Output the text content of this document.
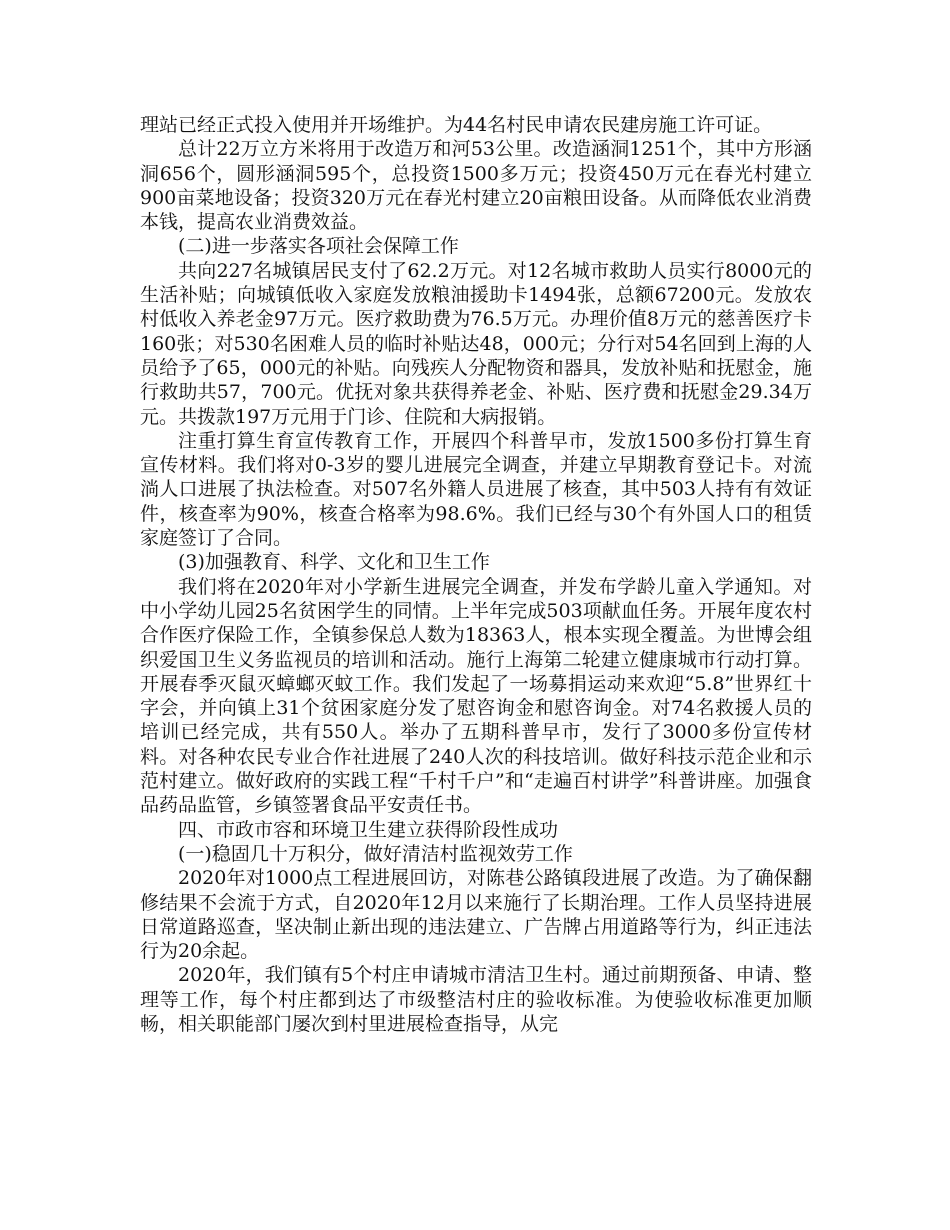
理站已经正式投入使用并开场维护。为44名村民申请农民建房施工许可证。

总计22万立方米将用于改造万和河53公里。改造涵洞1251个，其中方形涵洞656个，圆形涵洞595个，总投资1500多万元；投资450万元在春光村建立900亩菜地设备；投资320万元在春光村建立20亩粮田设备。从而降低农业消费本钱，提高农业消费效益。

(二)进一步落实各项社会保障工作

共向227名城镇居民支付了62.2万元。对12名城市救助人员实行8000元的生活补贴；向城镇低收入家庭发放粮油援助卡1494张，总额67200元。发放农村低收入养老金97万元。医疗救助费为76.5万元。办理价值8万元的慈善医疗卡160张；对530名困难人员的临时补贴达48，000元；分行对54名回到上海的人员给予了65，000元的补贴。向残疾人分配物资和器具，发放补贴和抚慰金，施行救助共57，700元。优抚对象共获得养老金、补贴、医疗费和抚慰金29.34万元。共拨款197万元用于门诊、住院和大病报销。

注重打算生育宣传教育工作，开展四个科普早市，发放1500多份打算生育宣传材料。我们将对0-3岁的婴儿进展完全调查，并建立早期教育登记卡。对流淌人口进展了执法检查。对507名外籍人员进展了核查，其中503人持有有效证件，核查率为90%，核查合格率为98.6%。我们已经与30个有外国人口的租赁家庭签订了合同。

(3)加强教育、科学、文化和卫生工作

我们将在2020年对小学新生进展完全调查，并发布学龄儿童入学通知。对中小学幼儿园25名贫困学生的同情。上半年完成503项献血任务。开展年度农村合作医疗保险工作，全镇参保总人数为18363人，根本实现全覆盖。为世博会组织爱国卫生义务监视员的培训和活动。施行上海第二轮建立健康城市行动打算。开展春季灭鼠灭蟑螂灭蚊工作。我们发起了一场募捐运动来欢迎“5.8”世界红十字会，并向镇上31个贫困家庭分发了慰咨询金和慰咨询金。对74名救援人员的培训已经完成，共有550人。举办了五期科普早市，发行了3000多份宣传材料。对各种农民专业合作社进展了240人次的科技培训。做好科技示范企业和示范村建立。做好政府的实践工程“千村千户”和“走遍百村讲学”科普讲座。加强食品药品监管，乡镇签署食品平安责任书。

四、市政市容和环境卫生建立获得阶段性成功

(一)稳固几十万积分，做好清洁村监视效劳工作

2020年对1000点工程进展回访，对陈巷公路镇段进展了改造。为了确保翻修结果不会流于方式，自2020年12月以来施行了长期治理。工作人员坚持进展日常道路巡查，坚决制止新出现的违法建立、广告牌占用道路等行为，纠正违法行为20余起。

2020年，我们镇有5个村庄申请城市清洁卫生村。通过前期预备、申请、整理等工作，每个村庄都到达了市级整洁村庄的验收标准。为使验收标准更加顺畅，相关职能部门屡次到村里进展检查指导，从完
